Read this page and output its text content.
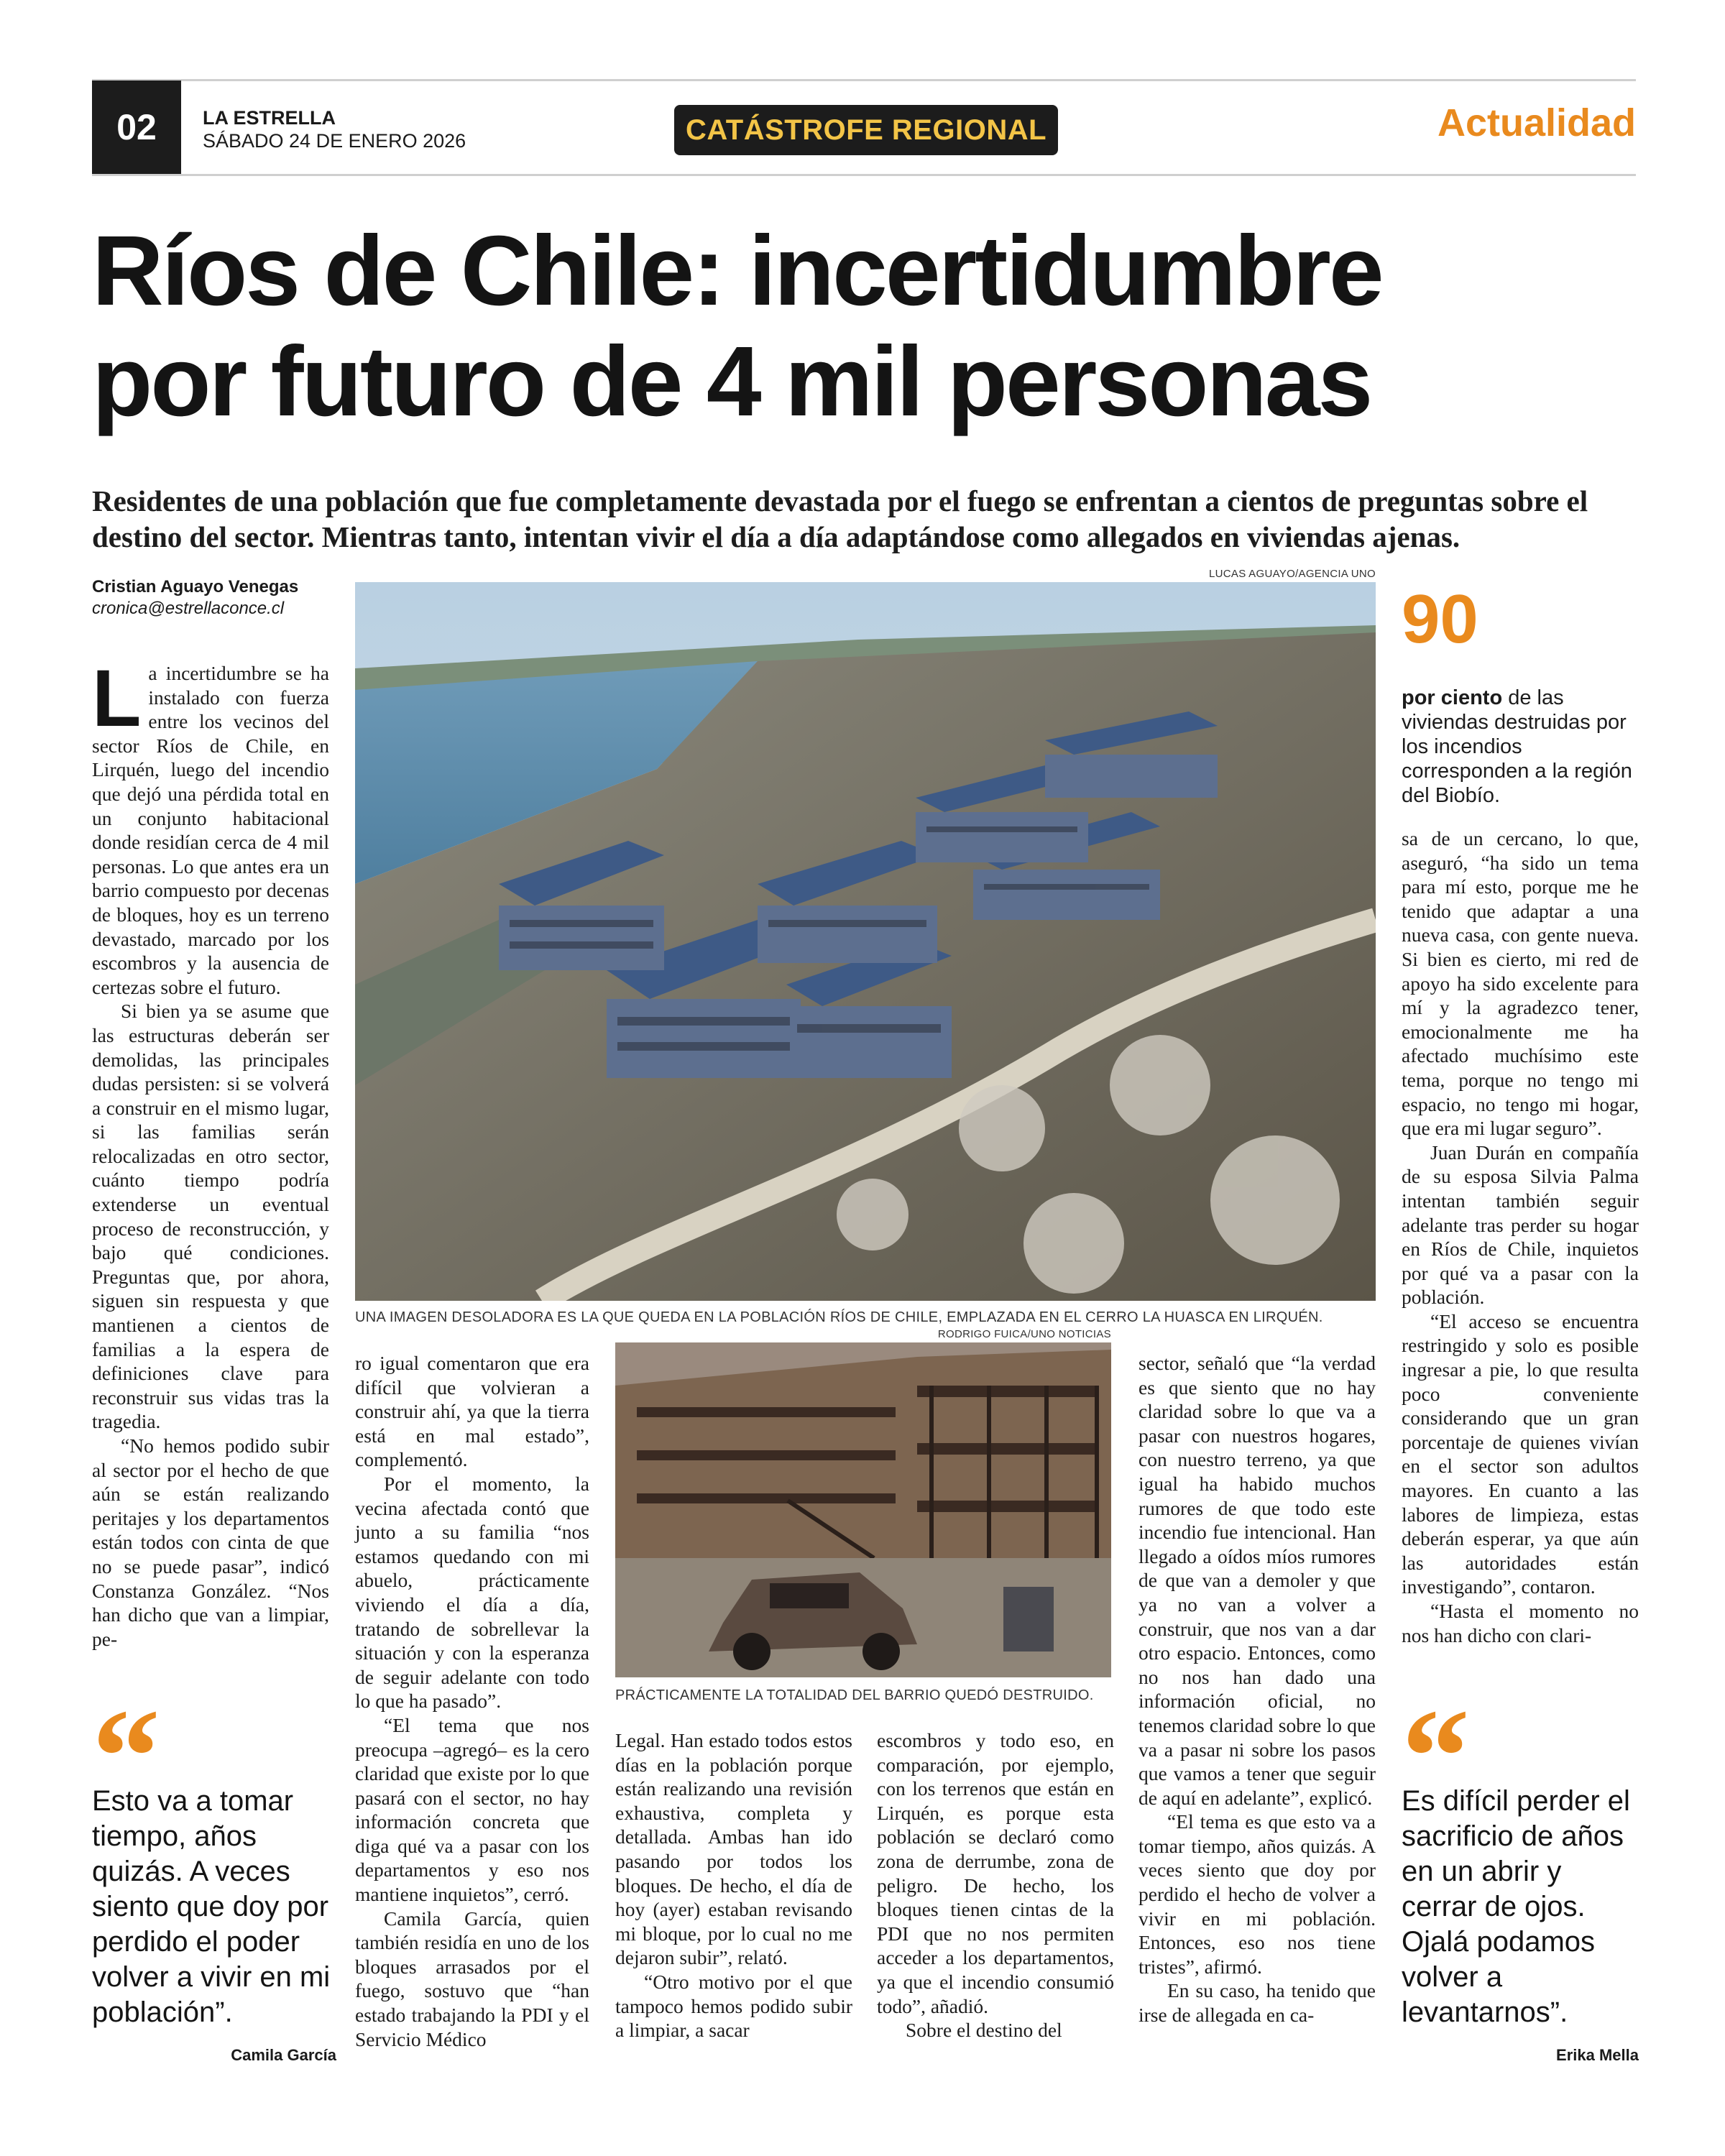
02	LA ESTRELLA
SÁBADO 24 DE ENERO 2026	CATÁSTROFE REGIONAL	Actualidad
Ríos de Chile: incertidumbre
por futuro de 4 mil personas
Residentes de una población que fue completamente devastada por el fuego se enfrentan a cientos de preguntas sobre el destino del sector. Mientras tanto, intentan vivir el día a día adaptándose como allegados en viviendas ajenas.
Cristian Aguayo Venegas
cronica@estrellaconce.cl

La incertidumbre se ha instalado con fuerza entre los vecinos del sector Ríos de Chile, en Lirquén, luego del incendio que dejó una pérdida total en un conjunto habitacional donde residían cerca de 4 mil personas. Lo que antes era un barrio compuesto por decenas de bloques, hoy es un terreno devastado, marcado por los escombros y la ausencia de certezas sobre el futuro.

Si bien ya se asume que las estructuras deberán ser demolidas, las principales dudas persisten: si se volverá a construir en el mismo lugar, si las familias serán relocalizadas en otro sector, cuánto tiempo podría extenderse un eventual proceso de reconstrucción, y bajo qué condiciones. Preguntas que, por ahora, siguen sin respuesta y que mantienen a cientos de familias a la espera de definiciones clave para reconstruir sus vidas tras la tragedia.

“No hemos podido subir al sector por el hecho de que aún se están realizando peritajes y los departamentos están todos con cinta de que no se puede pasar”, indicó Constanza González. “Nos han dicho que van a limpiar, pe-

Esto va a tomar tiempo, años quizás. A veces siento que doy por perdido el poder volver a vivir en mi población”.
Camila García
LUCAS AGUAYO/AGENCIA UNO
UNA IMAGEN DESOLADORA ES LA QUE QUEDA EN LA POBLACIÓN RÍOS DE CHILE, EMPLAZADA EN EL CERRO LA HUASCA EN LIRQUÉN.
90
por ciento de las viviendas destruidas por los incendios corresponden a la región del Biobío.

sa de un cercano, lo que, aseguró, “ha sido un tema para mí esto, porque me he tenido que adaptar a una nueva casa, con gente nueva. Si bien es cierto, mi red de apoyo ha sido excelente para mí y la agradezco tener, emocionalmente me ha afectado muchísimo este tema, porque no tengo mi espacio, no tengo mi hogar, que era mi lugar seguro”.

Juan Durán en compañía de su esposa Silvia Palma intentan también seguir adelante tras perder su hogar en Ríos de Chile, inquietos por qué va a pasar con la población.

“El acceso se encuentra restringido y solo es posible ingresar a pie, lo que resulta poco conveniente considerando que un gran porcentaje de quienes vivían en el sector son adultos mayores. En cuanto a las labores de limpieza, estas deberán esperar, ya que aún las autoridades están investigando”, contaron.

“Hasta el momento no nos han dicho con clari-

Es difícil perder el sacrificio de años en un abrir y cerrar de ojos. Ojalá podamos volver a levantarnos”.
Erika Mella

ro igual comentaron que era difícil que volvieran a construir ahí, ya que la tierra está en mal estado”, complementó.

Por el momento, la vecina afectada contó que junto a su familia “nos estamos quedando con mi abuelo, prácticamente viviendo el día a día, tratando de sobrellevar la situación y con la esperanza de seguir adelante con todo lo que ha pasado”.

“El tema que nos preocupa –agregó– es la cero claridad que existe por lo que pasará con el sector, no hay información concreta que diga qué va a pasar con los departamentos y eso nos mantiene inquietos”, cerró.

Camila García, quien también residía en uno de los bloques arrasados por el fuego, sostuvo que “han estado trabajando la PDI y el Servicio Médico

RODRIGO FUICA/UNO NOTICIAS
PRÁCTICAMENTE LA TOTALIDAD DEL BARRIO QUEDÓ DESTRUIDO.

Legal. Han estado todos estos días en la población porque están realizando una revisión exhaustiva, completa y detallada. Ambas han ido pasando por todos los bloques. De hecho, el día de hoy (ayer) estaban revisando mi bloque, por lo cual no me dejaron subir”, relató.

“Otro motivo por el que tampoco hemos podido subir a limpiar, a sacar

escombros y todo eso, en comparación, por ejemplo, con los terrenos que están en Lirquén, es porque esta población se declaró como zona de derrumbe, zona de peligro. De hecho, los bloques tienen cintas de la PDI que no nos permiten acceder a los departamentos, ya que el incendio consumió todo”, añadió.

Sobre el destino del

sector, señaló que “la verdad es que siento que no hay claridad sobre lo que va a pasar con nuestros hogares, con nuestro terreno, ya que igual ha habido muchos rumores de que todo este incendio fue intencional. Han llegado a oídos míos rumores de que van a demoler y que ya no van a volver a construir, que nos van a dar otro espacio. Entonces, como no nos han dado una información oficial, no tenemos claridad sobre lo que va a pasar ni sobre los pasos que vamos a tener que seguir de aquí en adelante”, explicó.

“El tema es que esto va a tomar tiempo, años quizás. A veces siento que doy por perdido el hecho de volver a vivir en mi población. Entonces, eso nos tiene tristes”, afirmó.

En su caso, ha tenido que irse de allegada en ca-
